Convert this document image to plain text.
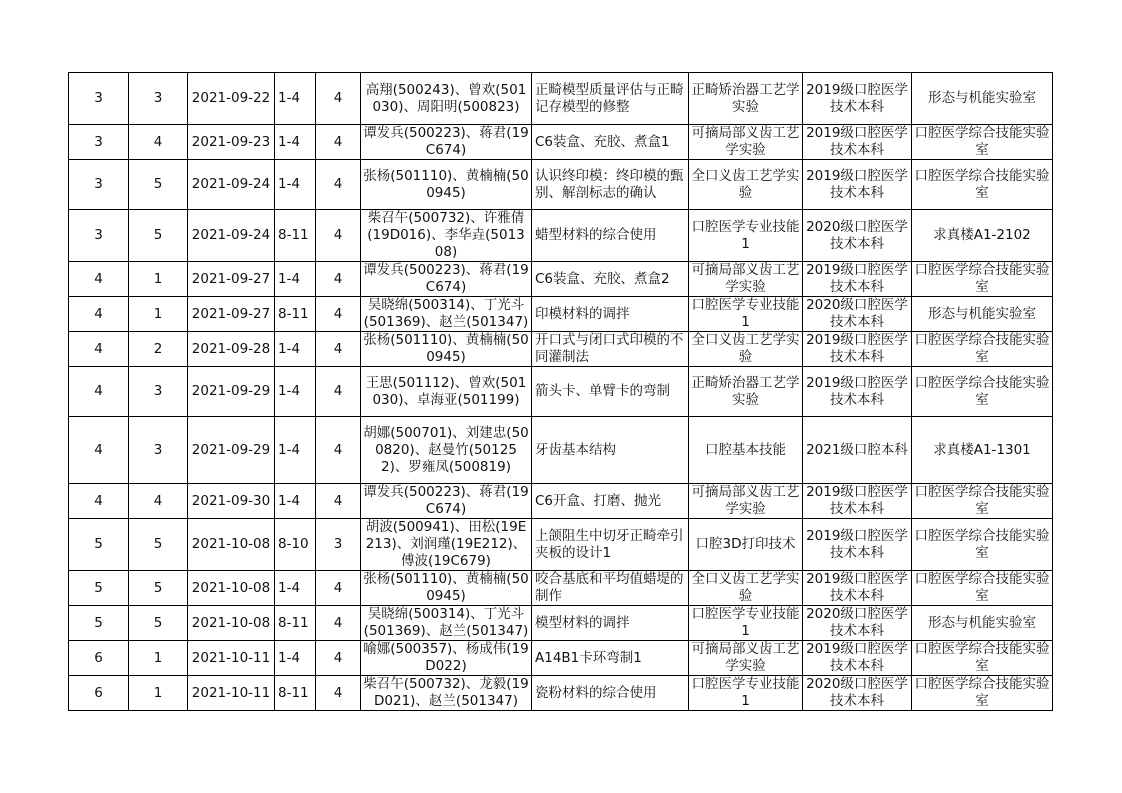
3	3	2021-09-22	1-4	4	高翔(500243)、曾欢(501030)、周阳明(500823)	正畸模型质量评估与正畸记存模型的修整	正畸矫治器工艺学实验	2019级口腔医学技术本科	形态与机能实验室
3	4	2021-09-23	1-4	4	谭发兵(500223)、蒋君(19C674)	C6装盒、充胶、煮盒1	可摘局部义齿工艺学实验	2019级口腔医学技术本科	口腔医学综合技能实验室
3	5	2021-09-24	1-4	4	张杨(501110)、黄楠楠(500945)	认识终印模：终印模的甄别、解剖标志的确认	全口义齿工艺学实验	2019级口腔医学技术本科	口腔医学综合技能实验室
3	5	2021-09-24	8-11	4	柴召午(500732)、许雅倩(19D016)、李华垚(501308)	蜡型材料的综合使用	口腔医学专业技能1	2020级口腔医学技术本科	求真楼A1-2102
4	1	2021-09-27	1-4	4	谭发兵(500223)、蒋君(19C674)	C6装盒、充胶、煮盒2	可摘局部义齿工艺学实验	2019级口腔医学技术本科	口腔医学综合技能实验室
4	1	2021-09-27	8-11	4	吴晓绵(500314)、丁光斗(501369)、赵兰(501347)	印模材料的调拌	口腔医学专业技能1	2020级口腔医学技术本科	形态与机能实验室
4	2	2021-09-28	1-4	4	张杨(501110)、黄楠楠(500945)	开口式与闭口式印模的不同灌制法	全口义齿工艺学实验	2019级口腔医学技术本科	口腔医学综合技能实验室
4	3	2021-09-29	1-4	4	王思(501112)、曾欢(501030)、卓海亚(501199)	箭头卡、单臂卡的弯制	正畸矫治器工艺学实验	2019级口腔医学技术本科	口腔医学综合技能实验室
4	3	2021-09-29	1-4	4	胡娜(500701)、刘建忠(500820)、赵曼竹(501252)、罗雍凤(500819)	牙齿基本结构	口腔基本技能	2021级口腔本科	求真楼A1-1301
4	4	2021-09-30	1-4	4	谭发兵(500223)、蒋君(19C674)	C6开盒、打磨、抛光	可摘局部义齿工艺学实验	2019级口腔医学技术本科	口腔医学综合技能实验室
5	5	2021-10-08	8-10	3	胡波(500941)、田松(19E213)、刘润瑾(19E212)、傅波(19C679)	上颌阻生中切牙正畸牵引夹板的设计1	口腔3D打印技术	2019级口腔医学技术本科	口腔医学综合技能实验室
5	5	2021-10-08	1-4	4	张杨(501110)、黄楠楠(500945)	咬合基底和平均值蜡堤的制作	全口义齿工艺学实验	2019级口腔医学技术本科	口腔医学综合技能实验室
5	5	2021-10-08	8-11	4	吴晓绵(500314)、丁光斗(501369)、赵兰(501347)	模型材料的调拌	口腔医学专业技能1	2020级口腔医学技术本科	形态与机能实验室
6	1	2021-10-11	1-4	4	喻娜(500357)、杨成伟(19D022)	A14B1卡环弯制1	可摘局部义齿工艺学实验	2019级口腔医学技术本科	口腔医学综合技能实验室
6	1	2021-10-11	8-11	4	柴召午(500732)、龙毅(19D021)、赵兰(501347)	瓷粉材料的综合使用	口腔医学专业技能1	2020级口腔医学技术本科	口腔医学综合技能实验室
